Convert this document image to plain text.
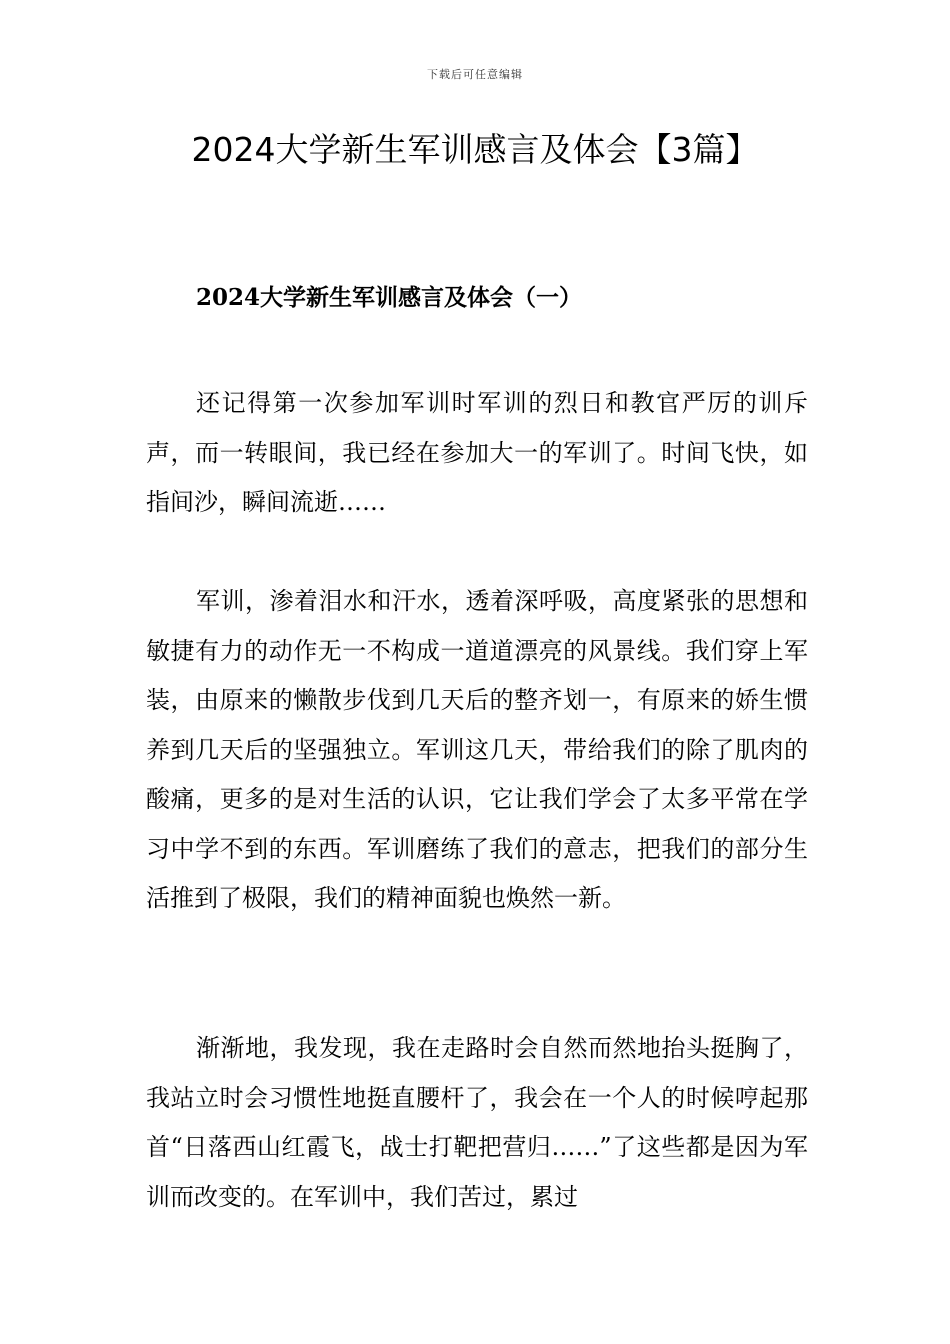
下载后可任意编辑
2024大学新生军训感言及体会【3篇】
2024大学新生军训感言及体会（一）

还记得第一次参加军训时军训的烈日和教官严厉的训斥声，而一转眼间，我已经在参加大一的军训了。时间飞快，如指间沙，瞬间流逝……

军训，渗着泪水和汗水，透着深呼吸，高度紧张的思想和敏捷有力的动作无一不构成一道道漂亮的风景线。我们穿上军装，由原来的懒散步伐到几天后的整齐划一，有原来的娇生惯养到几天后的坚强独立。军训这几天，带给我们的除了肌肉的酸痛，更多的是对生活的认识，它让我们学会了太多平常在学习中学不到的东西。军训磨练了我们的意志，把我们的部分生活推到了极限，我们的精神面貌也焕然一新。

渐渐地，我发现，我在走路时会自然而然地抬头挺胸了，我站立时会习惯性地挺直腰杆了，我会在一个人的时候哼起那首“日落西山红霞飞，战士打靶把营归……”了这些都是因为军训而改变的。在军训中，我们苦过，累过
